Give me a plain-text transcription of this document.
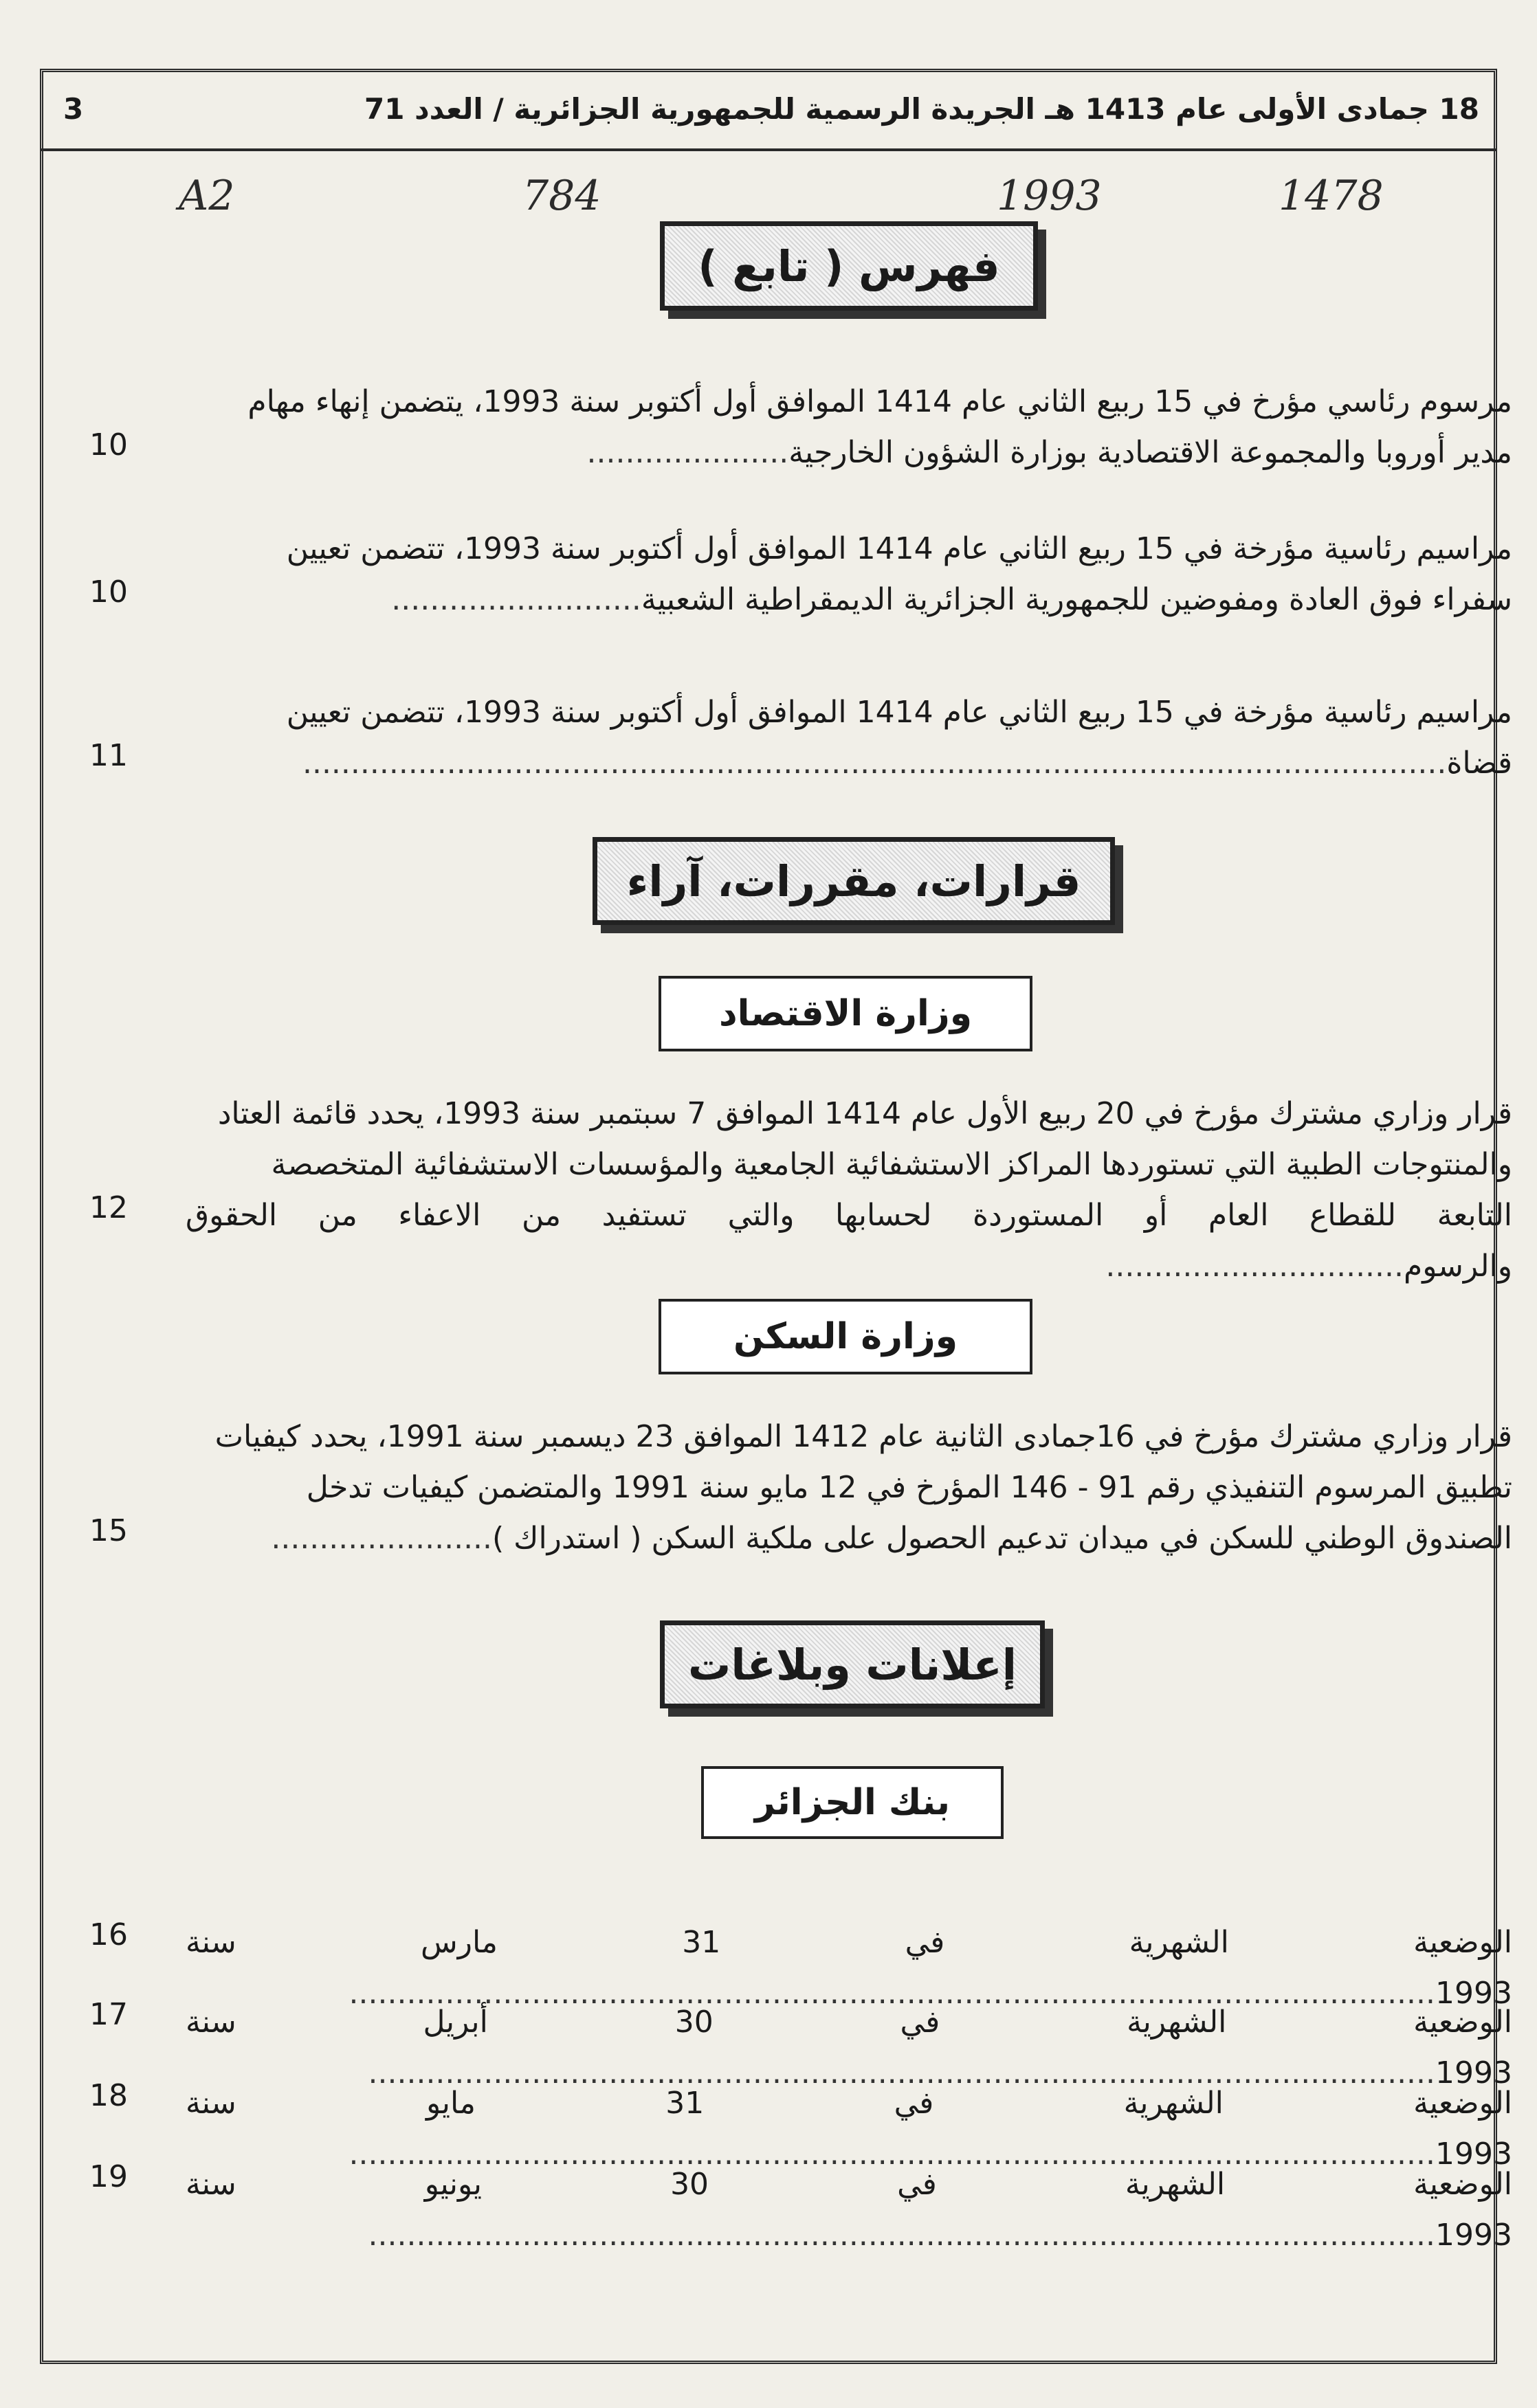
18 جمادى الأولى عام 1413 هـ الجريدة الرسمية للجمهورية الجزائرية / العدد 71
3
1478
1993
784
A2
فهرس ( تابع )

مرسوم رئاسي مؤرخ في 15 ربيع الثاني عام 1414 الموافق أول أكتوبر سنة 1993، يتضمن إنهاء مهام

مدير أوروبا والمجموعة الاقتصادية بوزارة الشؤون الخارجية.....................

10

مراسيم رئاسية مؤرخة في 15 ربيع الثاني عام 1414 الموافق أول أكتوبر سنة 1993، تتضمن تعيين

سفراء فوق العادة ومفوضين للجمهورية الجزائرية الديمقراطية الشعبية..........................

10

مراسيم رئاسية مؤرخة في 15 ربيع الثاني عام 1414 الموافق أول أكتوبر سنة 1993، تتضمن تعيين

قضاة.......................................................................................................................

11
قرارات، مقررات، آراء
وزارة الاقتصاد

قرار وزاري مشترك مؤرخ في 20 ربيع الأول عام 1414 الموافق 7 سبتمبر سنة 1993، يحدد قائمة العتاد

والمنتوجات الطبية التي تستوردها المراكز الاستشفائية الجامعية والمؤسسات الاستشفائية المتخصصة

التابعة للقطاع العام أو المستوردة لحسابها والتي تستفيد من الاعفاء من الحقوق والرسوم...............................

12
وزارة السكن

قرار وزاري مشترك مؤرخ في 16جمادى الثانية عام 1412 الموافق 23 ديسمبر سنة 1991، يحدد كيفيات

تطبيق المرسوم التنفيذي رقم 91 - 146 المؤرخ في 12 مايو سنة 1991 والمتضمن كيفيات تدخل

الصندوق الوطني للسكن في ميدان تدعيم الحصول على ملكية السكن ( استدراك ).......................

15
إعلانات وبلاغات
بنك الجزائر

الوضعية الشهرية في 31 مارس سنة 1993.................................................................................................................

16

الوضعية الشهرية في 30 أبريل سنة 1993...............................................................................................................

17

الوضعية الشهرية في 31 مايو سنة 1993.................................................................................................................

18

الوضعية الشهرية في 30 يونيو سنة 1993...............................................................................................................

19
